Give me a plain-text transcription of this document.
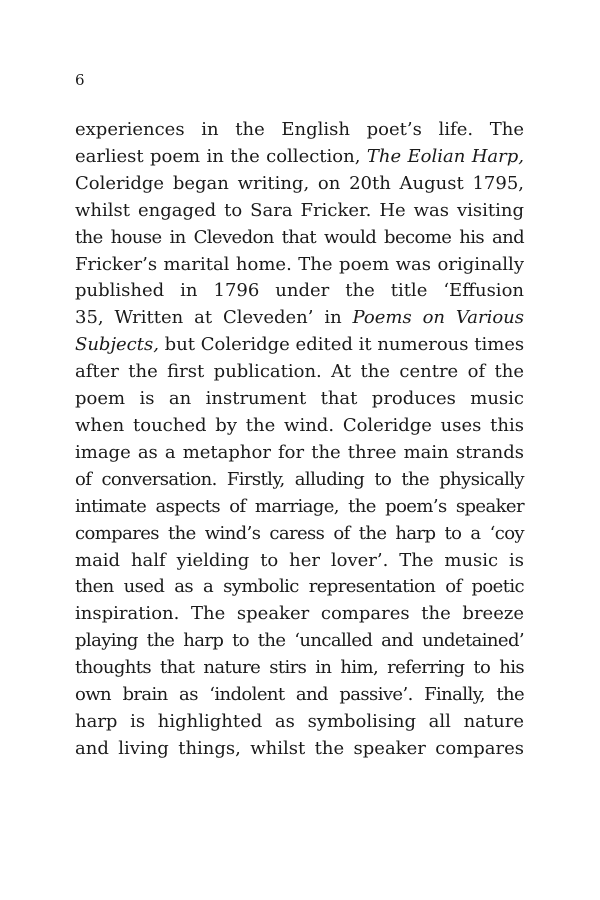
6
experiences in the English poet’s life. The
earliest poem in the collection, The Eolian Harp,
Coleridge began writing, on 20th August 1795,
whilst engaged to Sara Fricker. He was visiting
the house in Clevedon that would become his and
Fricker’s marital home. The poem was originally
published in 1796 under the title ‘Effusion
35, Written at Cleveden’ in Poems on Various
Subjects, but Coleridge edited it numerous times
after the first publication. At the centre of the
poem is an instrument that produces music
when touched by the wind. Coleridge uses this
image as a metaphor for the three main strands
of conversation. Firstly, alluding to the physically
intimate aspects of marriage, the poem’s speaker
compares the wind’s caress of the harp to a ‘coy
maid half yielding to her lover’. The music is
then used as a symbolic representation of poetic
inspiration. The speaker compares the breeze
playing the harp to the ‘uncalled and undetained’
thoughts that nature stirs in him, referring to his
own brain as ‘indolent and passive’. Finally, the
harp is highlighted as symbolising all nature
and living things, whilst the speaker compares
